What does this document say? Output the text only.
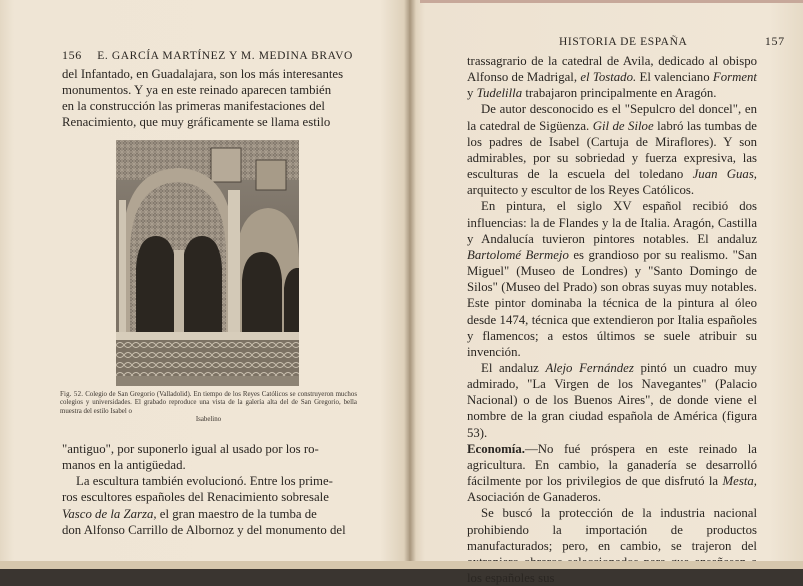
156 E. GARCÍA MARTÍNEZ Y M. MEDINA BRAVO

del Infantado, en Guadalajara, son los más interesantes

monumentos. Y ya en este reinado aparecen también

en la construcción las primeras manifestaciones del

Renacimiento, que muy gráficamente se llama estilo

Fig. 52. Colegio de San Gregorio (Valladolid). En tiempo de los Reyes Católicos se construyeron muchos colegios y universidades. El grabado reproduce una vista de la galería alta del de San Gregorio, bella muestra del estilo Isabel o
Isabelino

"antiguo", por suponerlo igual al usado por los ro-

manos en la antigüedad.

La escultura también evolucionó. Entre los prime-

ros escultores españoles del Renacimiento sobresale

Vasco de la Zarza, el gran maestro de la tumba de

don Alfonso Carrillo de Albornoz y del monumento del

HISTORIA DE ESPAÑA	157

trassagrario de la catedral de Avila, dedicado al obispo Alfonso de Madrigal, el Tostado. El valenciano Forment y Tudelilla trabajaron principalmente en Aragón.

De autor desconocido es el "Sepulcro del doncel", en la catedral de Sigüenza. Gil de Siloe labró las tumbas de los padres de Isabel (Cartuja de Miraflores). Y son admirables, por su sobriedad y fuerza expresiva, las esculturas de la escuela del toledano Juan Guas, arquitecto y escultor de los Reyes Católicos.

En pintura, el siglo XV español recibió dos influencias: la de Flandes y la de Italia. Aragón, Castilla y Andalucía tuvieron pintores notables. El andaluz Bartolomé Bermejo es grandioso por su realismo. "San Miguel" (Museo de Londres) y "Santo Domingo de Silos" (Museo del Prado) son obras suyas muy notables. Este pintor dominaba la técnica de la pintura al óleo desde 1474, técnica que extendieron por Italia españoles y flamencos; a estos últimos se suele atribuir su invención.

El andaluz Alejo Fernández pintó un cuadro muy admirado, "La Virgen de los Navegantes" (Palacio Nacional) o de los Buenos Aires", de donde viene el nombre de la gran ciudad española de América (figura 53).

Economía.—No fué próspera en este reinado la agricultura. En cambio, la ganadería se desarrolló fácilmente por los privilegios de que disfrutó la Mesta, Asociación de Ganaderos.

Se buscó la protección de la industria nacional prohibiendo la importación de productos manufacturados; pero, en cambio, se trajeron del los españoles sus
